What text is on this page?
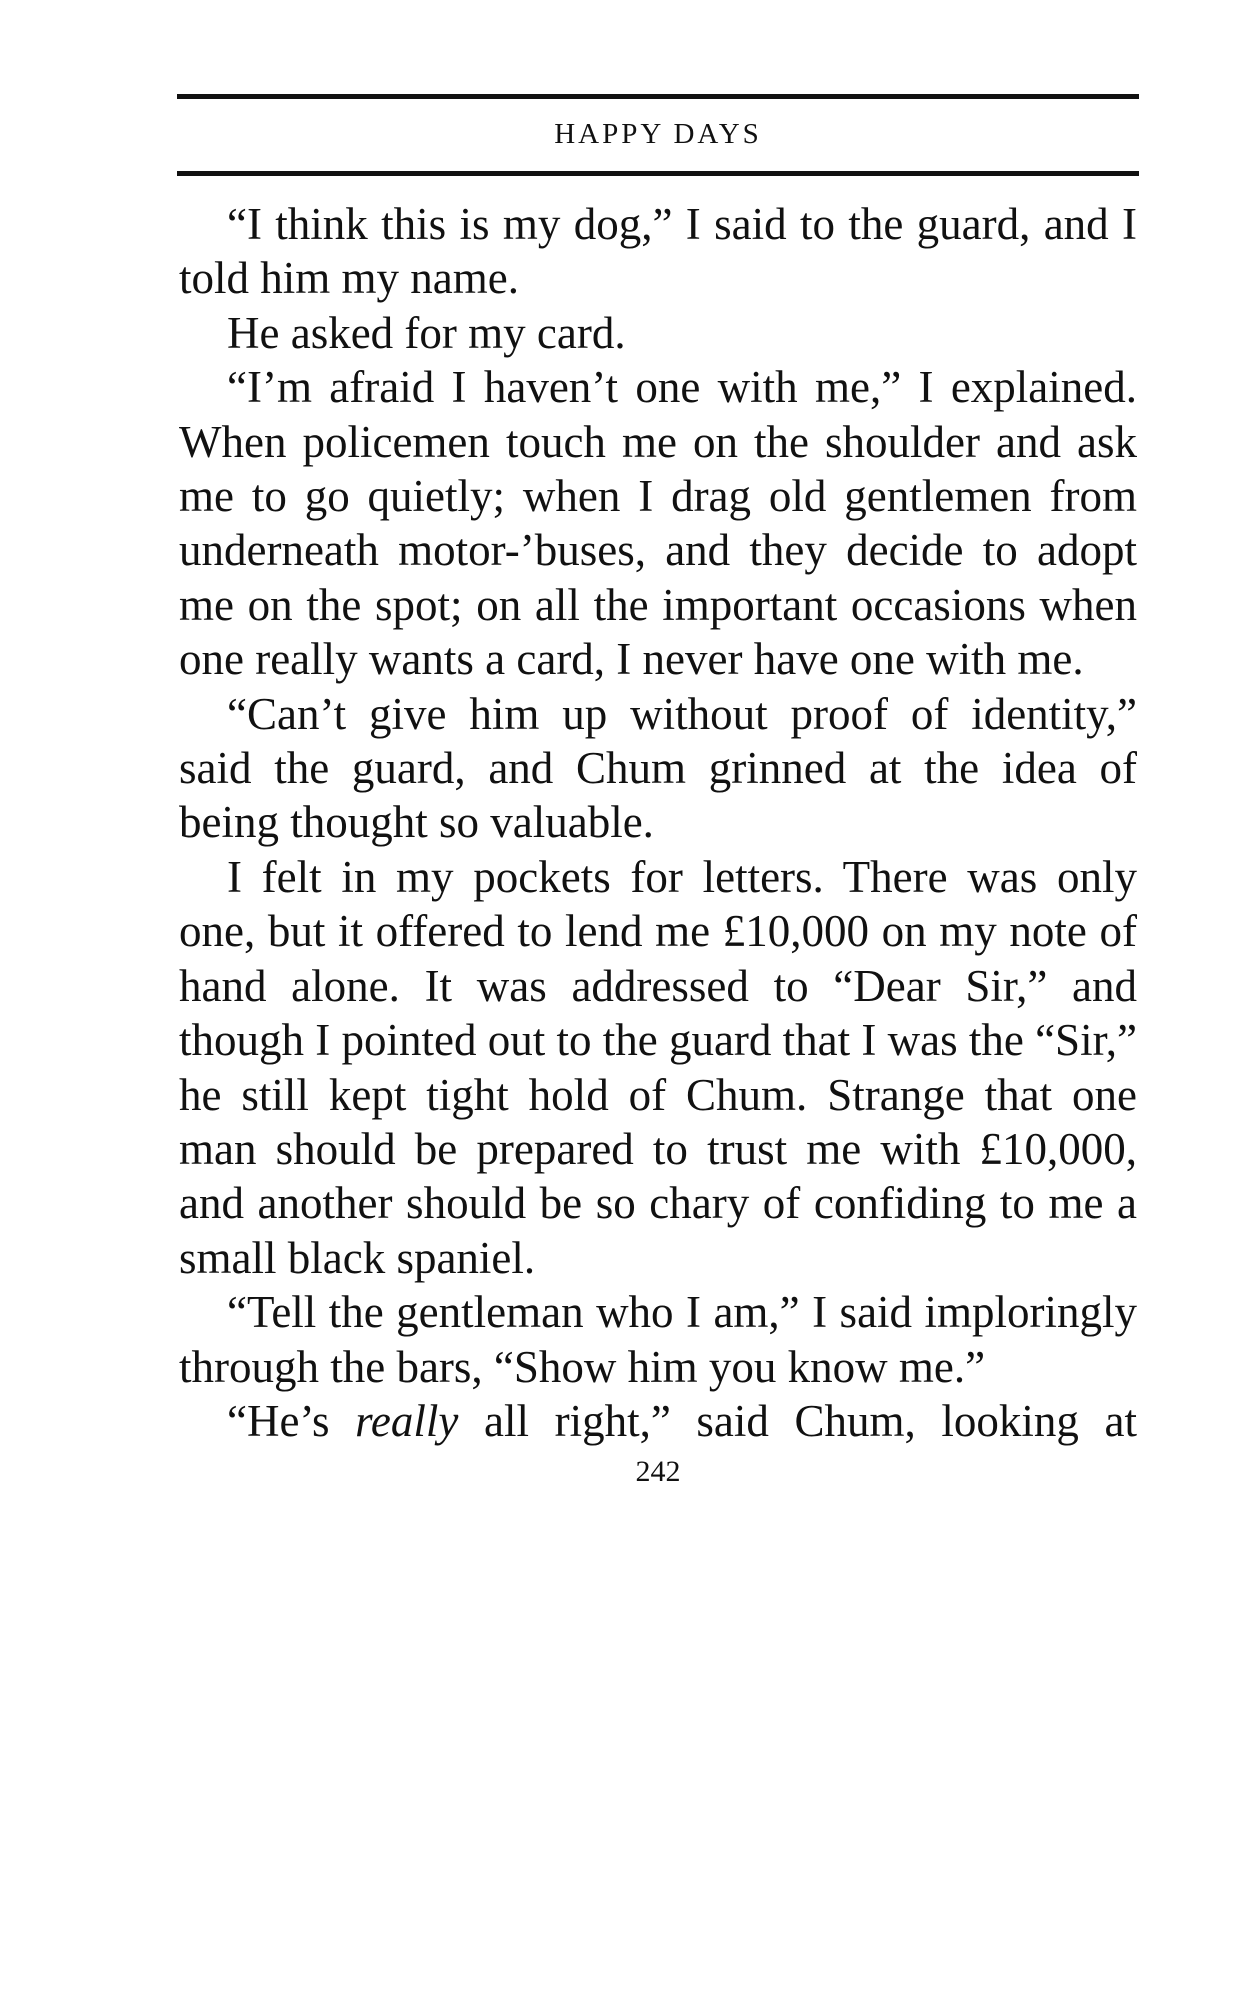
HAPPY DAYS

“I think this is my dog,” I said to the guard, and I told him my name.

He asked for my card.

“I’m afraid I haven’t one with me,” I explained. When policemen touch me on the shoulder and ask me to go quietly; when I drag old gentlemen from underneath motor-’buses, and they decide to adopt me on the spot; on all the important occasions when one really wants a card, I never have one with me.

“Can’t give him up without proof of identity,” said the guard, and Chum grinned at the idea of being thought so valuable.

I felt in my pockets for letters. There was only one, but it offered to lend me £10,000 on my note of hand alone. It was addressed to “Dear Sir,” and though I pointed out to the guard that I was the “Sir,” he still kept tight hold of Chum. Strange that one man should be prepared to trust me with £10,000, and another should be so chary of confiding to me a small black spaniel.

“Tell the gentleman who I am,” I said imploringly through the bars, “Show him you know me.”

“He’s really all right,” said Chum, looking at

242
